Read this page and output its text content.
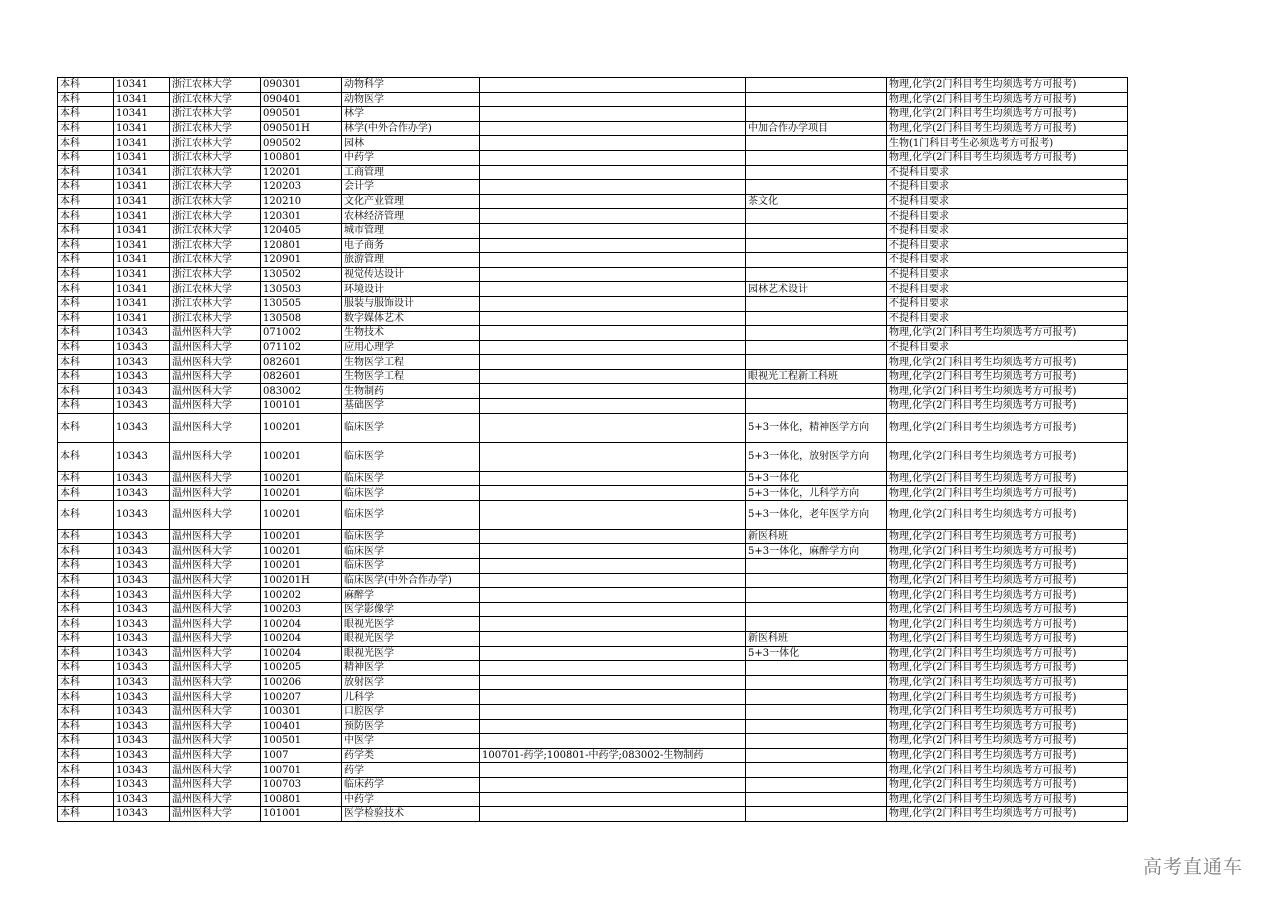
本科	10341	浙江农林大学	090301	动物科学			物理,化学(2门科目考生均须选考方可报考)
本科	10341	浙江农林大学	090401	动物医学			物理,化学(2门科目考生均须选考方可报考)
本科	10341	浙江农林大学	090501	林学			物理,化学(2门科目考生均须选考方可报考)
本科	10341	浙江农林大学	090501H	林学(中外合作办学)		中加合作办学项目	物理,化学(2门科目考生均须选考方可报考)
本科	10341	浙江农林大学	090502	园林			生物(1门科目考生必须选考方可报考)
本科	10341	浙江农林大学	100801	中药学			物理,化学(2门科目考生均须选考方可报考)
本科	10341	浙江农林大学	120201	工商管理			不提科目要求
本科	10341	浙江农林大学	120203	会计学			不提科目要求
本科	10341	浙江农林大学	120210	文化产业管理		茶文化	不提科目要求
本科	10341	浙江农林大学	120301	农林经济管理			不提科目要求
本科	10341	浙江农林大学	120405	城市管理			不提科目要求
本科	10341	浙江农林大学	120801	电子商务			不提科目要求
本科	10341	浙江农林大学	120901	旅游管理			不提科目要求
本科	10341	浙江农林大学	130502	视觉传达设计			不提科目要求
本科	10341	浙江农林大学	130503	环境设计		园林艺术设计	不提科目要求
本科	10341	浙江农林大学	130505	服装与服饰设计			不提科目要求
本科	10341	浙江农林大学	130508	数字媒体艺术			不提科目要求
本科	10343	温州医科大学	071002	生物技术			物理,化学(2门科目考生均须选考方可报考)
本科	10343	温州医科大学	071102	应用心理学			不提科目要求
本科	10343	温州医科大学	082601	生物医学工程			物理,化学(2门科目考生均须选考方可报考)
本科	10343	温州医科大学	082601	生物医学工程		眼视光工程新工科班	物理,化学(2门科目考生均须选考方可报考)
本科	10343	温州医科大学	083002	生物制药			物理,化学(2门科目考生均须选考方可报考)
本科	10343	温州医科大学	100101	基础医学			物理,化学(2门科目考生均须选考方可报考)
本科	10343	温州医科大学	100201	临床医学		5+3一体化，精神医学方向	物理,化学(2门科目考生均须选考方可报考)
本科	10343	温州医科大学	100201	临床医学		5+3一体化，放射医学方向	物理,化学(2门科目考生均须选考方可报考)
本科	10343	温州医科大学	100201	临床医学		5+3一体化	物理,化学(2门科目考生均须选考方可报考)
本科	10343	温州医科大学	100201	临床医学		5+3一体化，儿科学方向	物理,化学(2门科目考生均须选考方可报考)
本科	10343	温州医科大学	100201	临床医学		5+3一体化，老年医学方向	物理,化学(2门科目考生均须选考方可报考)
本科	10343	温州医科大学	100201	临床医学		新医科班	物理,化学(2门科目考生均须选考方可报考)
本科	10343	温州医科大学	100201	临床医学		5+3一体化，麻醉学方向	物理,化学(2门科目考生均须选考方可报考)
本科	10343	温州医科大学	100201	临床医学			物理,化学(2门科目考生均须选考方可报考)
本科	10343	温州医科大学	100201H	临床医学(中外合作办学)			物理,化学(2门科目考生均须选考方可报考)
本科	10343	温州医科大学	100202	麻醉学			物理,化学(2门科目考生均须选考方可报考)
本科	10343	温州医科大学	100203	医学影像学			物理,化学(2门科目考生均须选考方可报考)
本科	10343	温州医科大学	100204	眼视光医学			物理,化学(2门科目考生均须选考方可报考)
本科	10343	温州医科大学	100204	眼视光医学		新医科班	物理,化学(2门科目考生均须选考方可报考)
本科	10343	温州医科大学	100204	眼视光医学		5+3一体化	物理,化学(2门科目考生均须选考方可报考)
本科	10343	温州医科大学	100205	精神医学			物理,化学(2门科目考生均须选考方可报考)
本科	10343	温州医科大学	100206	放射医学			物理,化学(2门科目考生均须选考方可报考)
本科	10343	温州医科大学	100207	儿科学			物理,化学(2门科目考生均须选考方可报考)
本科	10343	温州医科大学	100301	口腔医学			物理,化学(2门科目考生均须选考方可报考)
本科	10343	温州医科大学	100401	预防医学			物理,化学(2门科目考生均须选考方可报考)
本科	10343	温州医科大学	100501	中医学			物理,化学(2门科目考生均须选考方可报考)
本科	10343	温州医科大学	1007	药学类	100701-药学;100801-中药学;083002-生物制药		物理,化学(2门科目考生均须选考方可报考)
本科	10343	温州医科大学	100701	药学			物理,化学(2门科目考生均须选考方可报考)
本科	10343	温州医科大学	100703	临床药学			物理,化学(2门科目考生均须选考方可报考)
本科	10343	温州医科大学	100801	中药学			物理,化学(2门科目考生均须选考方可报考)
本科	10343	温州医科大学	101001	医学检验技术			物理,化学(2门科目考生均须选考方可报考)
高考直通车
